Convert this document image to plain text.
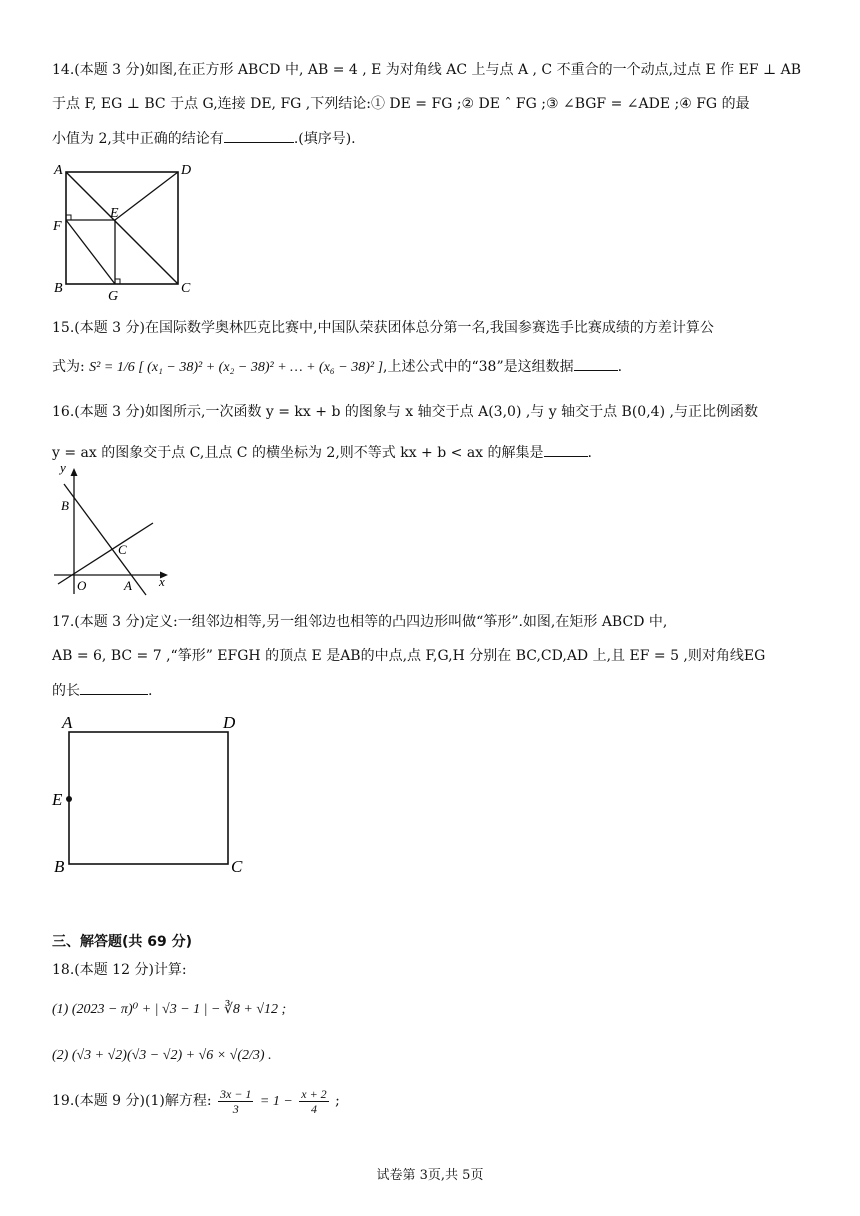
14.(本题 3 分)如图,在正方形 ABCD 中, AB = 4 , E 为对角线 AC 上与点 A , C 不重合的一个动点,过点 E 作 EF ⊥ AB
于点 F, EG ⊥ BC 于点 G,连接 DE, FG ,下列结论:① DE = FG ;② DE ˆ FG ;③ ∠BGF = ∠ADE ;④ FG 的最
小值为 2,其中正确的结论有	.(填序号).
A	D
F
E
B
G
C
15.(本题 3 分)在国际数学奥林匹克比赛中,中国队荣获团体总分第一名,我国参赛选手比赛成绩的方差计算公
式为: S² = 1/6 [ (x₁ − 38)² + (x₂ − 38)² + … + (x₆ − 38)² ],上述公式中的“38”是这组数据	.
16.(本题 3 分)如图所示,一次函数 y = kx + b 的图象与 x 轴交于点 A(3,0) ,与 y 轴交于点 B(0,4) ,与正比例函数
y = ax 的图象交于点 C,且点 C 的横坐标为 2,则不等式 kx + b < ax 的解集是	.
y
B
C
O	A x
17.(本题 3 分)定义:一组邻边相等,另一组邻边也相等的凸四边形叫做“筝形”.如图,在矩形 ABCD 中,
AB = 6, BC = 7 ,“筝形” EFGH 的顶点 E 是AB的中点,点 F,G,H 分别在 BC,CD,AD 上,且 EF = 5 ,则对角线EG
的长	.
A	D
E
B	C
三、解答题(共 69 分)
18.(本题 12 分)计算:
(1) (2023 − π)⁰ + | √3 − 1 | − ∛8 + √12 ;
(2) (√3 + √2)(√3 − √2) + √6 × √(2/3) .
19.(本题 9 分)(1)解方程: $\frac{3x - 1}{3} = 1 - \frac{x + 2}{4}$ ;
试卷第 3页,共 5页
